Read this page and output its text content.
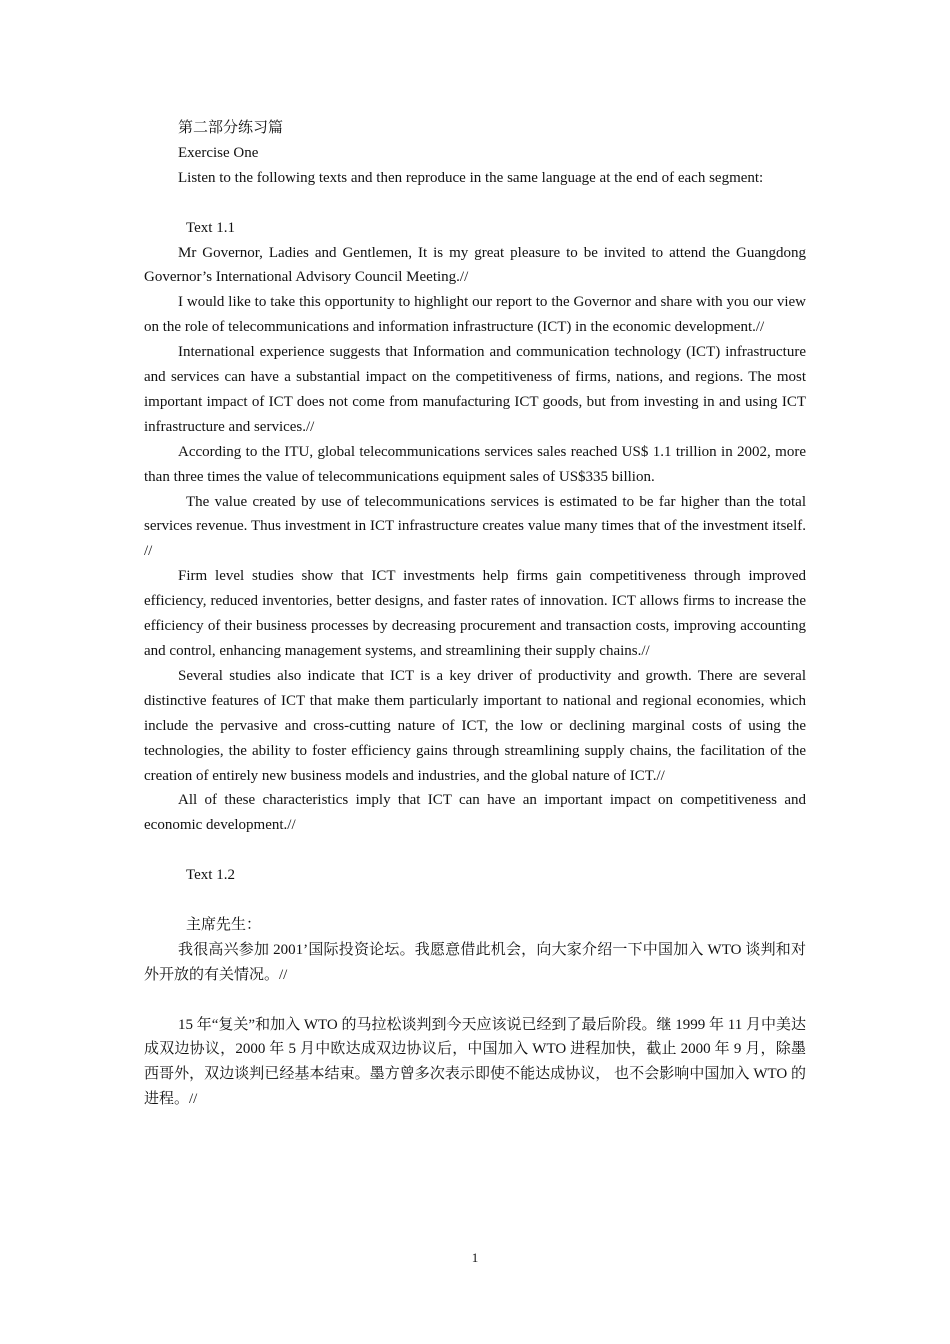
第二部分练习篇

Exercise One

Listen to the following texts and then reproduce in the same language at the end of each segment:

Text 1.1

Mr Governor, Ladies and Gentlemen, It is my great pleasure to be invited to attend the Guangdong Governor’s International Advisory Council Meeting.//

I would like to take this opportunity to highlight our report to the Governor and share with you our view on the role of telecommunications and information infrastructure (ICT) in the economic development.//

International experience suggests that Information and communication technology (ICT) infrastructure and services can have a substantial impact on the competitiveness of firms, nations, and regions. The most important impact of ICT does not come from manufacturing ICT goods, but from investing in and using ICT infrastructure and services.//

According to the ITU, global telecommunications services sales reached US$ 1.1 trillion in 2002, more than three times the value of telecommunications equipment sales of US$335 billion.

The value created by use of telecommunications services is estimated to be far higher than the total services revenue. Thus investment in ICT infrastructure creates value many times that of the investment itself. //

Firm level studies show that ICT investments help firms gain competitiveness through improved efficiency, reduced inventories, better designs, and faster rates of innovation. ICT allows firms to increase the efficiency of their business processes by decreasing procurement and transaction costs, improving accounting and control, enhancing management systems, and streamlining their supply chains.//

Several studies also indicate that ICT is a key driver of productivity and growth. There are several distinctive features of ICT that make them particularly important to national and regional economies, which include the pervasive and cross-cutting nature of ICT, the low or declining marginal costs of using the technologies, the ability to foster efficiency gains through streamlining supply chains, the facilitation of the creation of entirely new business models and industries, and the global nature of ICT.//

All of these characteristics imply that ICT can have an important impact on competitiveness and economic development.//

Text 1.2

主席先生：

我很高兴参加 2001’国际投资论坛。我愿意借此机会，向大家介绍一下中国加入 WTO 谈判和对外开放的有关情况。//

15 年“复关”和加入 WTO 的马拉松谈判到今天应该说已经到了最后阶段。继 1999 年 11 月中美达成双边协议，2000 年 5 月中欧达成双边协议后，中国加入 WTO 进程加快，截止 2000 年 9 月，除墨西哥外，双边谈判已经基本结束。墨方曾多次表示即使不能达成协议， 也不会影响中国加入 WTO 的进程。//

1
